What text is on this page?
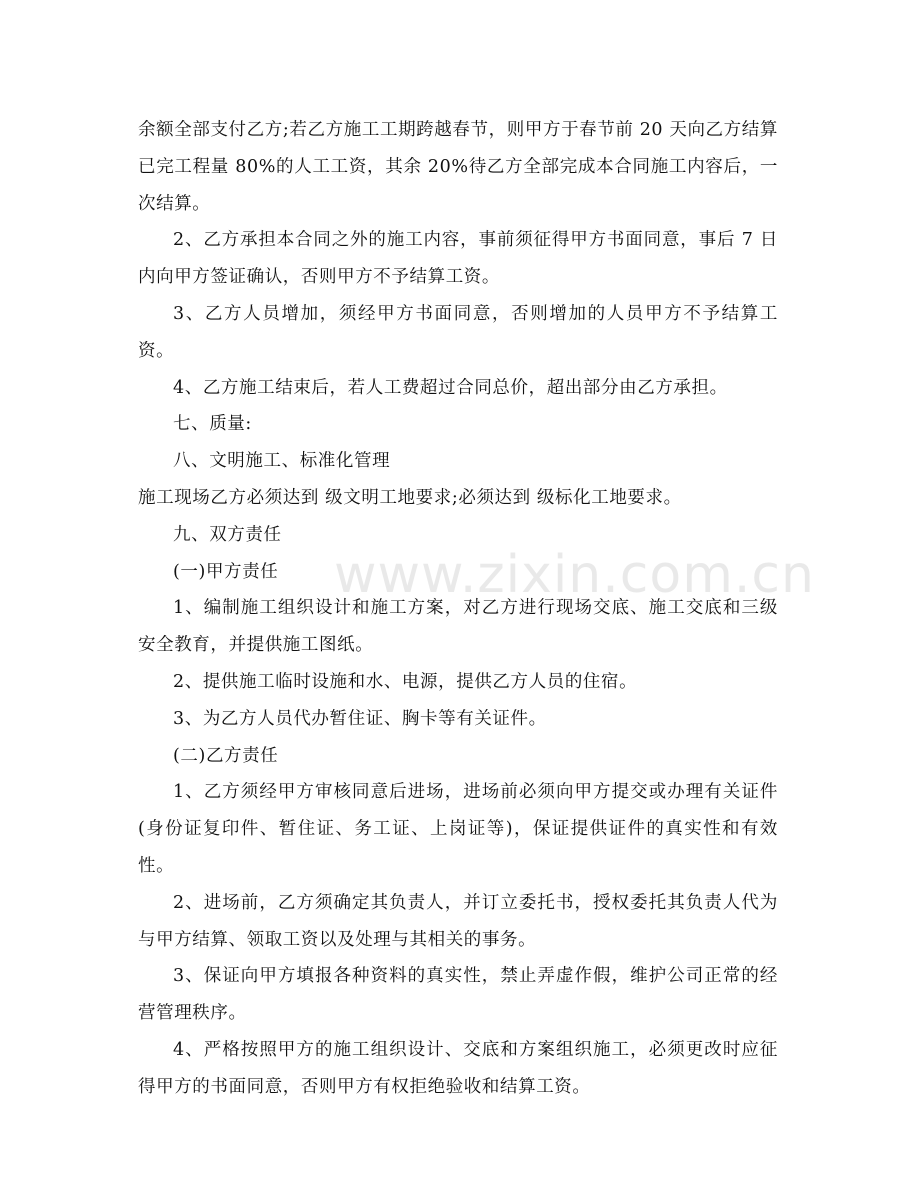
余额全部支付乙方;若乙方施工工期跨越春节，则甲方于春节前 20 天向乙方结算已完工程量 80%的人工工资，其余 20%待乙方全部完成本合同施工内容后，一次结算。

2、乙方承担本合同之外的施工内容，事前须征得甲方书面同意，事后 7 日内向甲方签证确认，否则甲方不予结算工资。

3、乙方人员增加，须经甲方书面同意，否则增加的人员甲方不予结算工资。

4、乙方施工结束后，若人工费超过合同总价，超出部分由乙方承担。

七、质量:

八、文明施工、标准化管理

施工现场乙方必须达到 级文明工地要求;必须达到 级标化工地要求。

九、双方责任

(一)甲方责任

1、编制施工组织设计和施工方案，对乙方进行现场交底、施工交底和三级安全教育，并提供施工图纸。

2、提供施工临时设施和水、电源，提供乙方人员的住宿。

3、为乙方人员代办暂住证、胸卡等有关证件。

(二)乙方责任

1、乙方须经甲方审核同意后进场，进场前必须向甲方提交或办理有关证件(身份证复印件、暂住证、务工证、上岗证等)，保证提供证件的真实性和有效性。

2、进场前，乙方须确定其负责人，并订立委托书，授权委托其负责人代为与甲方结算、领取工资以及处理与其相关的事务。

3、保证向甲方填报各种资料的真实性，禁止弄虚作假，维护公司正常的经营管理秩序。

4、严格按照甲方的施工组织设计、交底和方案组织施工，必须更改时应征得甲方的书面同意，否则甲方有权拒绝验收和结算工资。

www.zixin.com.cn
